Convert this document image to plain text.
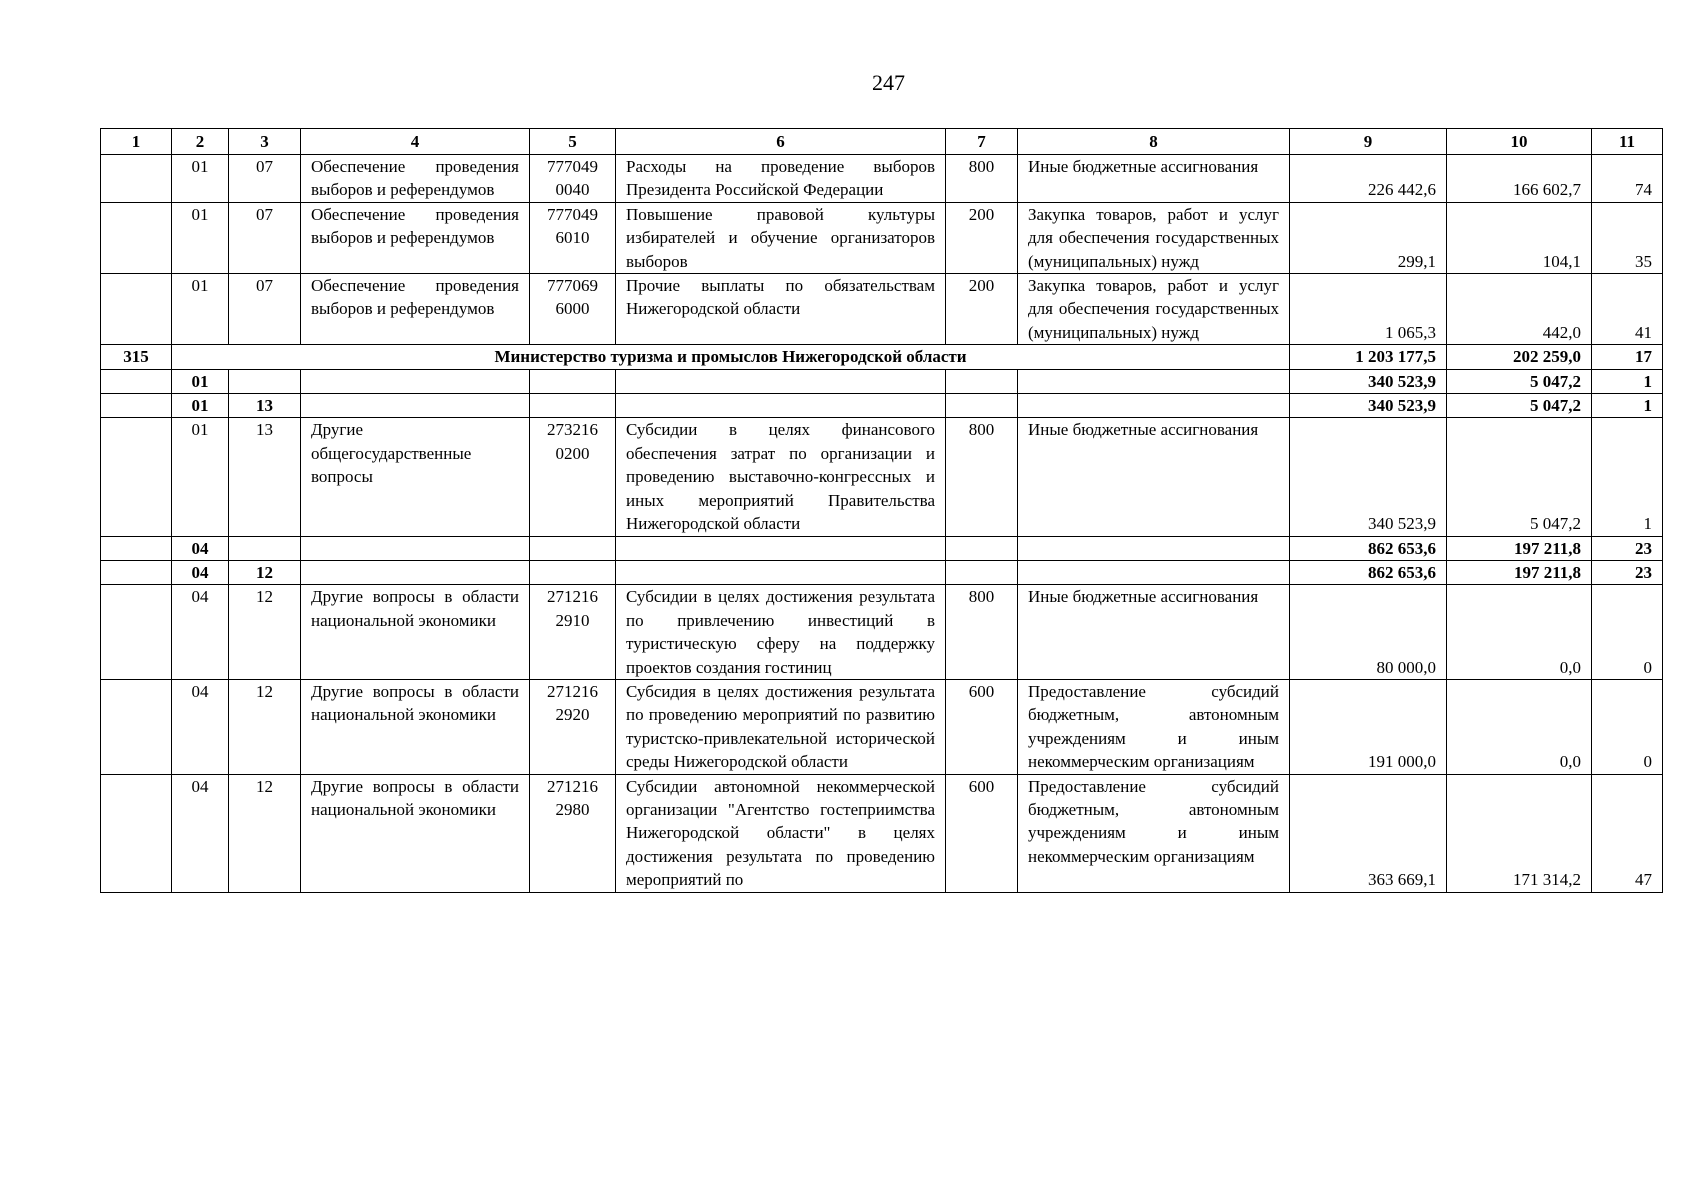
247
1	2	3	4	5	6	7	8	9	10	11
	01	07	Обеспечение проведения выборов и референдумов	777049 0040	Расходы на проведение выборов Президента Российской Федерации	800	Иные бюджетные ассигнования	226 442,6	166 602,7	74
	01	07	Обеспечение проведения выборов и референдумов	777049 6010	Повышение правовой культуры избирателей и обучение организаторов выборов	200	Закупка товаров, работ и услуг для обеспечения государственных (муниципальных) нужд	299,1	104,1	35
	01	07	Обеспечение проведения выборов и референдумов	777069 6000	Прочие выплаты по обязательствам Нижегородской области	200	Закупка товаров, работ и услуг для обеспечения государственных (муниципальных) нужд	1 065,3	442,0	41
315	Министерство туризма и промыслов Нижегородской области							1 203 177,5	202 259,0	17
	01							340 523,9	5 047,2	1
	01	13						340 523,9	5 047,2	1
	01	13	Другие общегосударственные вопросы	273216 0200	Субсидии в целях финансового обеспечения затрат по организации и проведению выставочно-конгрессных и иных мероприятий Правительства Нижегородской области	800	Иные бюджетные ассигнования	340 523,9	5 047,2	1
	04							862 653,6	197 211,8	23
	04	12						862 653,6	197 211,8	23
	04	12	Другие вопросы в области национальной экономики	271216 2910	Субсидии в целях достижения результата по привлечению инвестиций в туристическую сферу на поддержку проектов создания гостиниц	800	Иные бюджетные ассигнования	80 000,0	0,0	0
	04	12	Другие вопросы в области национальной экономики	271216 2920	Субсидия в целях достижения результата по проведению мероприятий по развитию туристско-привлекательной исторической среды Нижегородской области	600	Предоставление субсидий бюджетным, автономным учреждениям и иным некоммерческим организациям	191 000,0	0,0	0
	04	12	Другие вопросы в области национальной экономики	271216 2980	Субсидии автономной некоммерческой организации "Агентство гостеприимства Нижегородской области" в целях достижения результата по проведению мероприятий по	600	Предоставление субсидий бюджетным, автономным учреждениям и иным некоммерческим организациям	363 669,1	171 314,2	47
